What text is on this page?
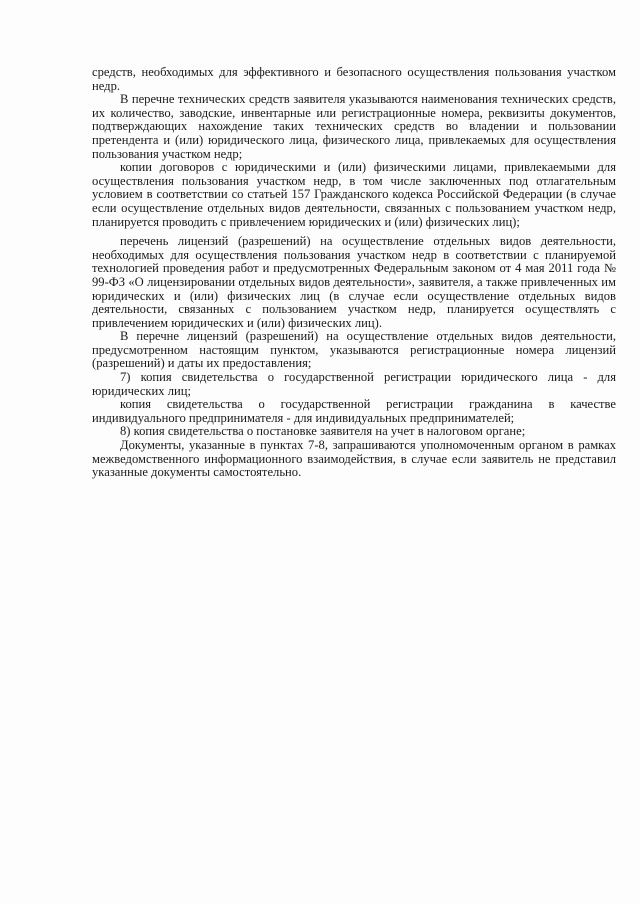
средств, необходимых для эффективного и безопасного осуществления пользования участком недр.

В перечне технических средств заявителя указываются наименования технических средств, их количество, заводские, инвентарные или регистрационные номера, реквизиты документов, подтверждающих нахождение таких технических средств во владении и пользовании претендента и (или) юридического лица, физического лица, привлекаемых для осуществления пользования участком недр;

копии договоров с юридическими и (или) физическими лицами, привлекаемыми для осуществления пользования участком недр, в том числе заключенных под отлагательным условием в соответствии со статьей 157 Гражданского кодекса Российской Федерации (в случае если осуществление отдельных видов деятельности, связанных с пользованием участком недр, планируется проводить с привлечением юридических и (или) физических лиц);

перечень лицензий (разрешений) на осуществление отдельных видов деятельности, необходимых для осуществления пользования участком недр в соответствии с планируемой технологией проведения работ и предусмотренных Федеральным законом от 4 мая 2011 года № 99-ФЗ «О лицензировании отдельных видов деятельности», заявителя, а также привлеченных им юридических и (или) физических лиц (в случае если осуществление отдельных видов деятельности, связанных с пользованием участком недр, планируется осуществлять с привлечением юридических и (или) физических лиц).

В перечне лицензий (разрешений) на осуществление отдельных видов деятельности, предусмотренном настоящим пунктом, указываются регистрационные номера лицензий (разрешений) и даты их предоставления;

7) копия свидетельства о государственной регистрации юридического лица - для юридических лиц;

копия свидетельства о государственной регистрации гражданина в качестве индивидуального предпринимателя - для индивидуальных предпринимателей;

8) копия свидетельства о постановке заявителя на учет в налоговом органе;

Документы, указанные в пунктах 7-8, запрашиваются уполномоченным органом в рамках межведомственного информационного взаимодействия, в случае если заявитель не представил указанные документы самостоятельно.
